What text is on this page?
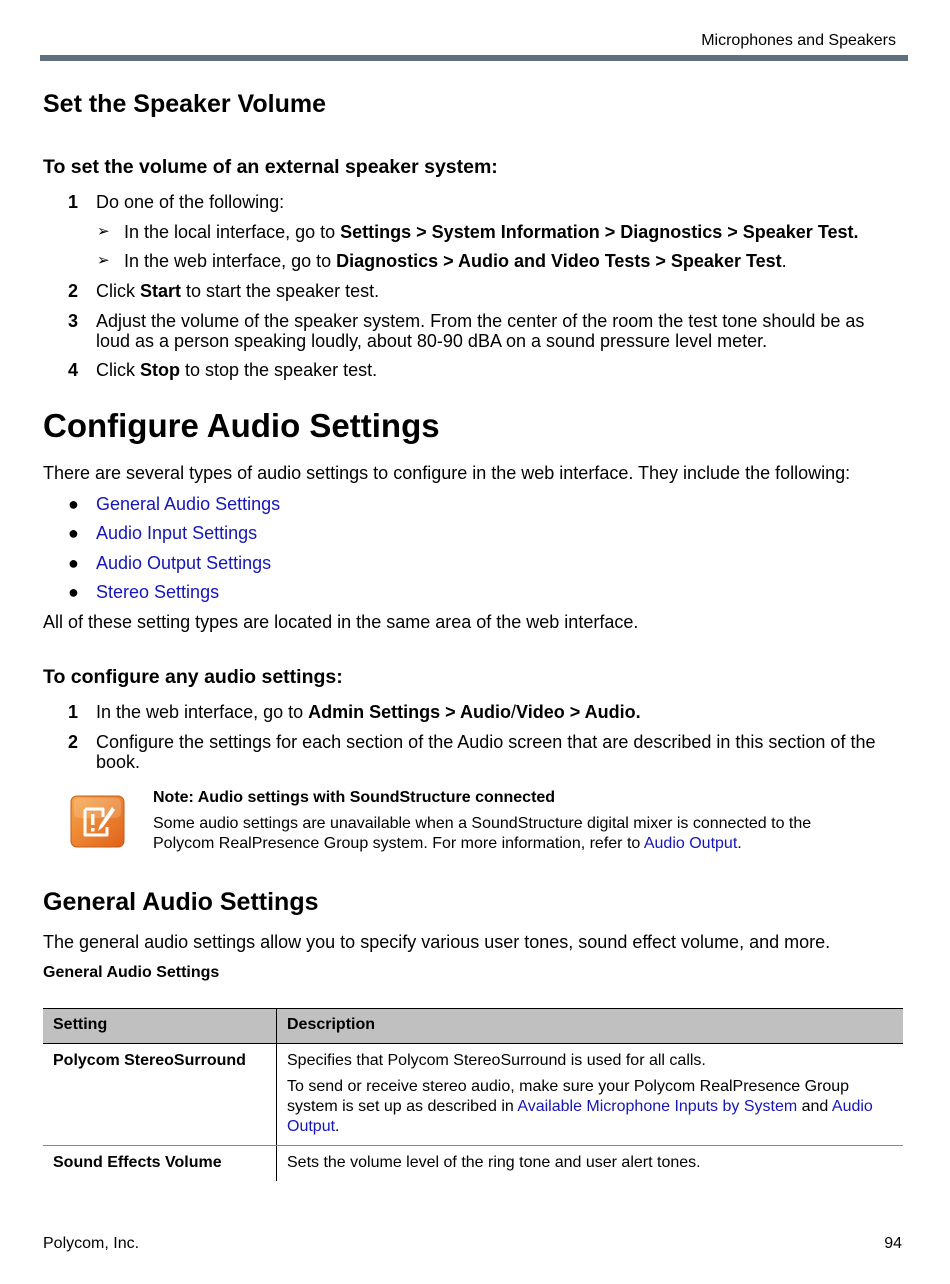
Microphones and Speakers
Set the Speaker Volume
To set the volume of an external speaker system:
1 Do one of the following:
➢ In the local interface, go to Settings > System Information > Diagnostics > Speaker Test.
➢ In the web interface, go to Diagnostics > Audio and Video Tests > Speaker Test.
2 Click Start to start the speaker test.
3 Adjust the volume of the speaker system. From the center of the room the test tone should be as loud as a person speaking loudly, about 80-90 dBA on a sound pressure level meter.
4 Click Stop to stop the speaker test.
Configure Audio Settings
There are several types of audio settings to configure in the web interface. They include the following:
● General Audio Settings
● Audio Input Settings
● Audio Output Settings
● Stereo Settings
All of these setting types are located in the same area of the web interface.
To configure any audio settings:
1 In the web interface, go to Admin Settings > Audio/Video > Audio.
2 Configure the settings for each section of the Audio screen that are described in this section of the book.
Note: Audio settings with SoundStructure connected
Some audio settings are unavailable when a SoundStructure digital mixer is connected to the Polycom RealPresence Group system. For more information, refer to Audio Output.
General Audio Settings
The general audio settings allow you to specify various user tones, sound effect volume, and more.
General Audio Settings
Setting	Description
Polycom StereoSurround	Specifies that Polycom StereoSurround is used for all calls.

To send or receive stereo audio, make sure your Polycom RealPresence Group system is set up as described in Available Microphone Inputs by System and Audio Output.

Sound Effects Volume	Sets the volume level of the ring tone and user alert tones.

Polycom, Inc.	94
